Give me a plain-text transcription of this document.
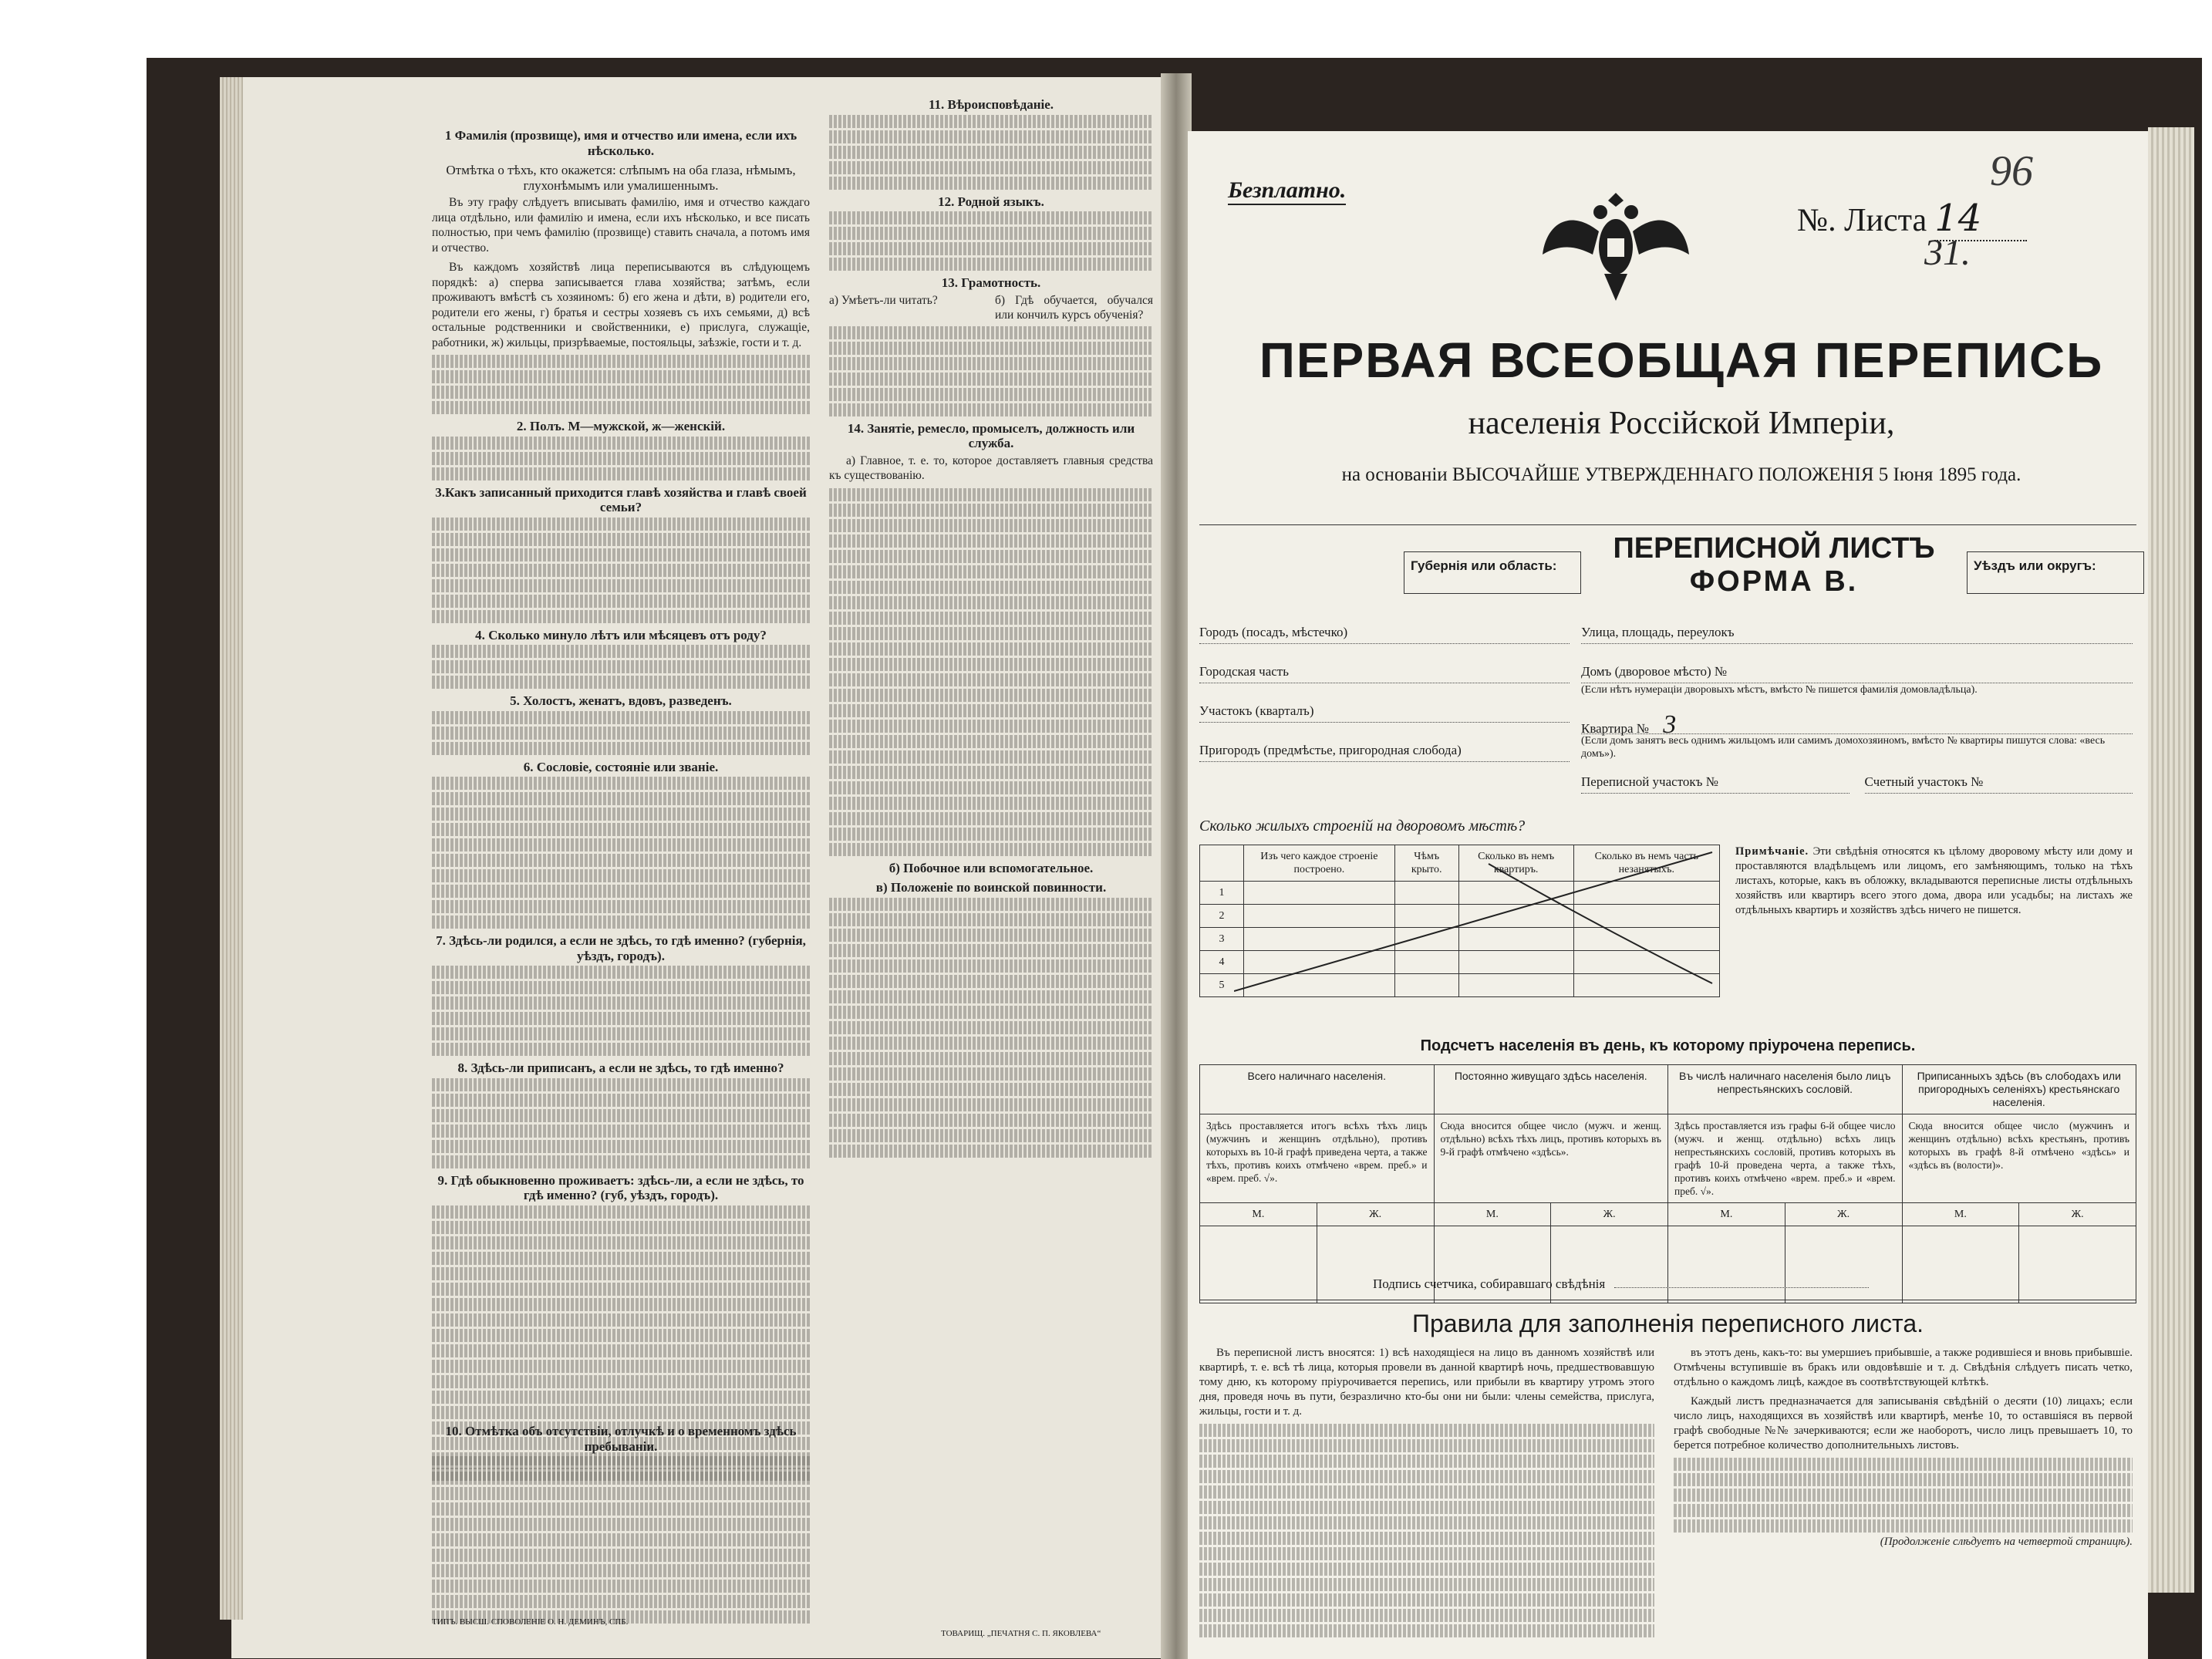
1 Фамилія (прозвище), имя и отчество или имена, если ихъ нѣсколько.
Отмѣтка о тѣхъ, кто окажется: слѣпымъ на оба глаза, нѣмымъ, глухонѣмымъ или умалишеннымъ.

Въ эту графу слѣдуетъ вписывать фамилію, имя и отчество каждаго лица отдѣльно, или фамилію и имена, если ихъ нѣсколько, и все писать полностью, при чемъ фамилію (прозвище) ставить сначала, а потомъ имя и отчество.

Въ каждомъ хозяйствѣ лица переписываются въ слѣдующемъ порядкѣ: а) сперва записывается глава хозяйства; затѣмъ, если проживаютъ вмѣстѣ съ хозяиномъ: б) его жена и дѣти, в) родители его, родители его жены, г) братья и сестры хозяевъ съ ихъ семьями, д) всѣ остальные родственники и свойственники, е) прислуга, служащіе, работники, ж) жильцы, призрѣваемые, постояльцы, заѣзжіе, гости и т. д.

2. Полъ. М—мужской, ж—женскій.
3.Какъ записанный приходится главѣ хозяйства и главѣ своей семьи?
4. Сколько минуло лѣтъ или мѣсяцевъ отъ роду?
5. Холостъ, женатъ, вдовъ, разведенъ.
6. Сословіе, состояніе или званіе.
7. Здѣсь-ли родился, а если не здѣсь, то гдѣ именно? (губернія, уѣздъ, городъ).
8. Здѣсь-ли приписанъ, а если не здѣсь, то гдѣ именно?
9. Гдѣ обыкновенно проживаетъ: здѣсь-ли, а если не здѣсь, то гдѣ именно? (губ, уѣздъ, городъ).
11. Вѣроисповѣданіе.
12. Родной языкъ.
13. Грамотность.
а) Умѣетъ-ли читать?	б) Гдѣ обучается, обучался или кончилъ курсъ обученія?
14. Занятіе, ремесло, промыселъ, должность или служба.

а) Главное, т. е. то, которое доставляетъ главныя средства къ существованію.

б) Побочное или вспомогательное.
в) Положеніе по воинской повинности.
10. Отмѣтка объ отсутствіи, отлучкѣ и о временномъ здѣсь пребываніи.
ТИПЪ. ВЫСШ. СПОВОЛЕНІЕ О. Н. ДЕМИНЪ, СПБ.
ТОВАРИЩ. „ПЕЧАТНЯ С. П. ЯКОВЛЕВА“
Безплатно.
№. Листа 14
96
31.
ПЕРВАЯ ВСЕОБЩАЯ ПЕРЕПИСЬ
населенія Россійской Имперіи,
на основаніи ВЫСОЧАЙШЕ УТВЕРЖДЕННАГО ПОЛОЖЕНІЯ 5 Іюня 1895 года.
Губернія или область:
ПЕРЕПИСНОЙ ЛИСТЪ
ФОРМА В.	Уѣздъ или округъ:
Городъ (посадъ, мѣстечко)
Городская часть
Участокъ (кварталъ)
Пригородъ (предмѣстье, пригородная слобода)
Улица, площадь, переулокъ
Домъ (дворовое мѣсто) №
(Если нѣтъ нумераціи дворовыхъ мѣстъ, вмѣсто № пишется фамилія домовладѣльца).
Квартира № 3
(Если домъ занятъ весь однимъ жильцомъ или самимъ домохозяиномъ, вмѣсто № квартиры пишутся слова: «весь домъ»).
Переписной участокъ №	Счетный участокъ №
Сколько жилыхъ строеній на дворовомъ мѣстѣ?
	Изъ чего каждое строеніе построено.	Чѣмъ крыто.	Сколько въ немъ квартиръ.	Сколько въ немъ часть незанятыхъ.
1				
2				
3				
4				
5				
Примѣчаніе. Эти свѣдѣнія относятся къ цѣлому дворовому мѣсту или дому и проставляются владѣльцемъ или лицомъ, его замѣняющимъ, только на тѣхъ листахъ, которые, какъ въ обложку, вкладываются переписные листы отдѣльныхъ хозяйствъ или квартиръ всего этого дома, двора или усадьбы; на листахъ же отдѣльныхъ квартиръ и хозяйствъ здѣсь ничего не пишется.
Подсчетъ населенія въ день, къ которому пріурочена перепись.
Всего наличнаго населенія.		Постоянно живущаго здѣсь населенія.		Въ числѣ наличнаго населенія было лицъ непрестьянскихъ сословій.		Приписанныхъ здѣсь (въ слободахъ или пригородныхъ селеніяхъ) крестьянскаго населенія.	
Здѣсь проставляется итогъ всѣхъ тѣхъ лицъ (мужчинъ и женщинъ отдѣльно), противъ которыхъ въ 10-й графѣ приведена черта, а также тѣхъ, противъ коихъ отмѣчено «врем. преб.» и «врем. преб. √».		Сюда вносится общее число (мужч. и женщ. отдѣльно) всѣхъ тѣхъ лицъ, противъ которыхъ въ 9-й графѣ отмѣчено «здѣсь».		Здѣсь проставляется изъ графы 6-й общее число (мужч. и женщ. отдѣльно) всѣхъ лицъ непрестьянскихъ сословій, противъ которыхъ въ графѣ 10-й проведена черта, а также тѣхъ, противъ коихъ отмѣчено «врем. преб.» и «врем. преб. √».		Сюда вносится общее число (мужчинъ и женщинъ отдѣльно) всѣхъ крестьянъ, противъ которыхъ въ графѣ 8-й отмѣчено «здѣсь» и «здѣсь въ (волости)».	
М.	Ж.	М.	Ж.	М.	Ж.	М.	Ж.

Подпись счетчика, собиравшаго свѣдѣнія
Правила для заполненія переписного листа.

Въ переписной листъ вносятся: 1) всѣ находящіеся на лицо въ данномъ хозяйствѣ или квартирѣ, т. е. всѣ тѣ лица, которыя провели въ данной квартирѣ ночь, предшествовавшую тому дню, къ которому пріурочивается перепись, или прибыли въ квартиру утромъ этого дня, проведя ночь въ пути, безразлично кто-бы они ни были: члены семейства, прислуга, жильцы, гости и т. д.

въ этотъ день, какъ-то: вы умершиеъ прибывшіе, а также родившіеся и вновь прибывшіе. Отмѣчены вступившіе въ бракъ или овдовѣвшіе и т. д. Свѣдѣнія слѣдуетъ писать четко, отдѣльно о каждомъ лицѣ, каждое въ соотвѣтствующей клѣткѣ.

Каждый листъ предназначается для записыванія свѣдѣній о десяти (10) лицахъ; если число лицъ, находящихся въ хозяйствѣ или квартирѣ, менѣе 10, то оставшіяся въ первой графѣ свободные №№ зачеркиваются; если же наоборотъ, число лицъ превышаетъ 10, то берется потребное количество дополнительныхъ листовъ.

(Продолженіе слѣдуетъ на четвертой страницѣ).
